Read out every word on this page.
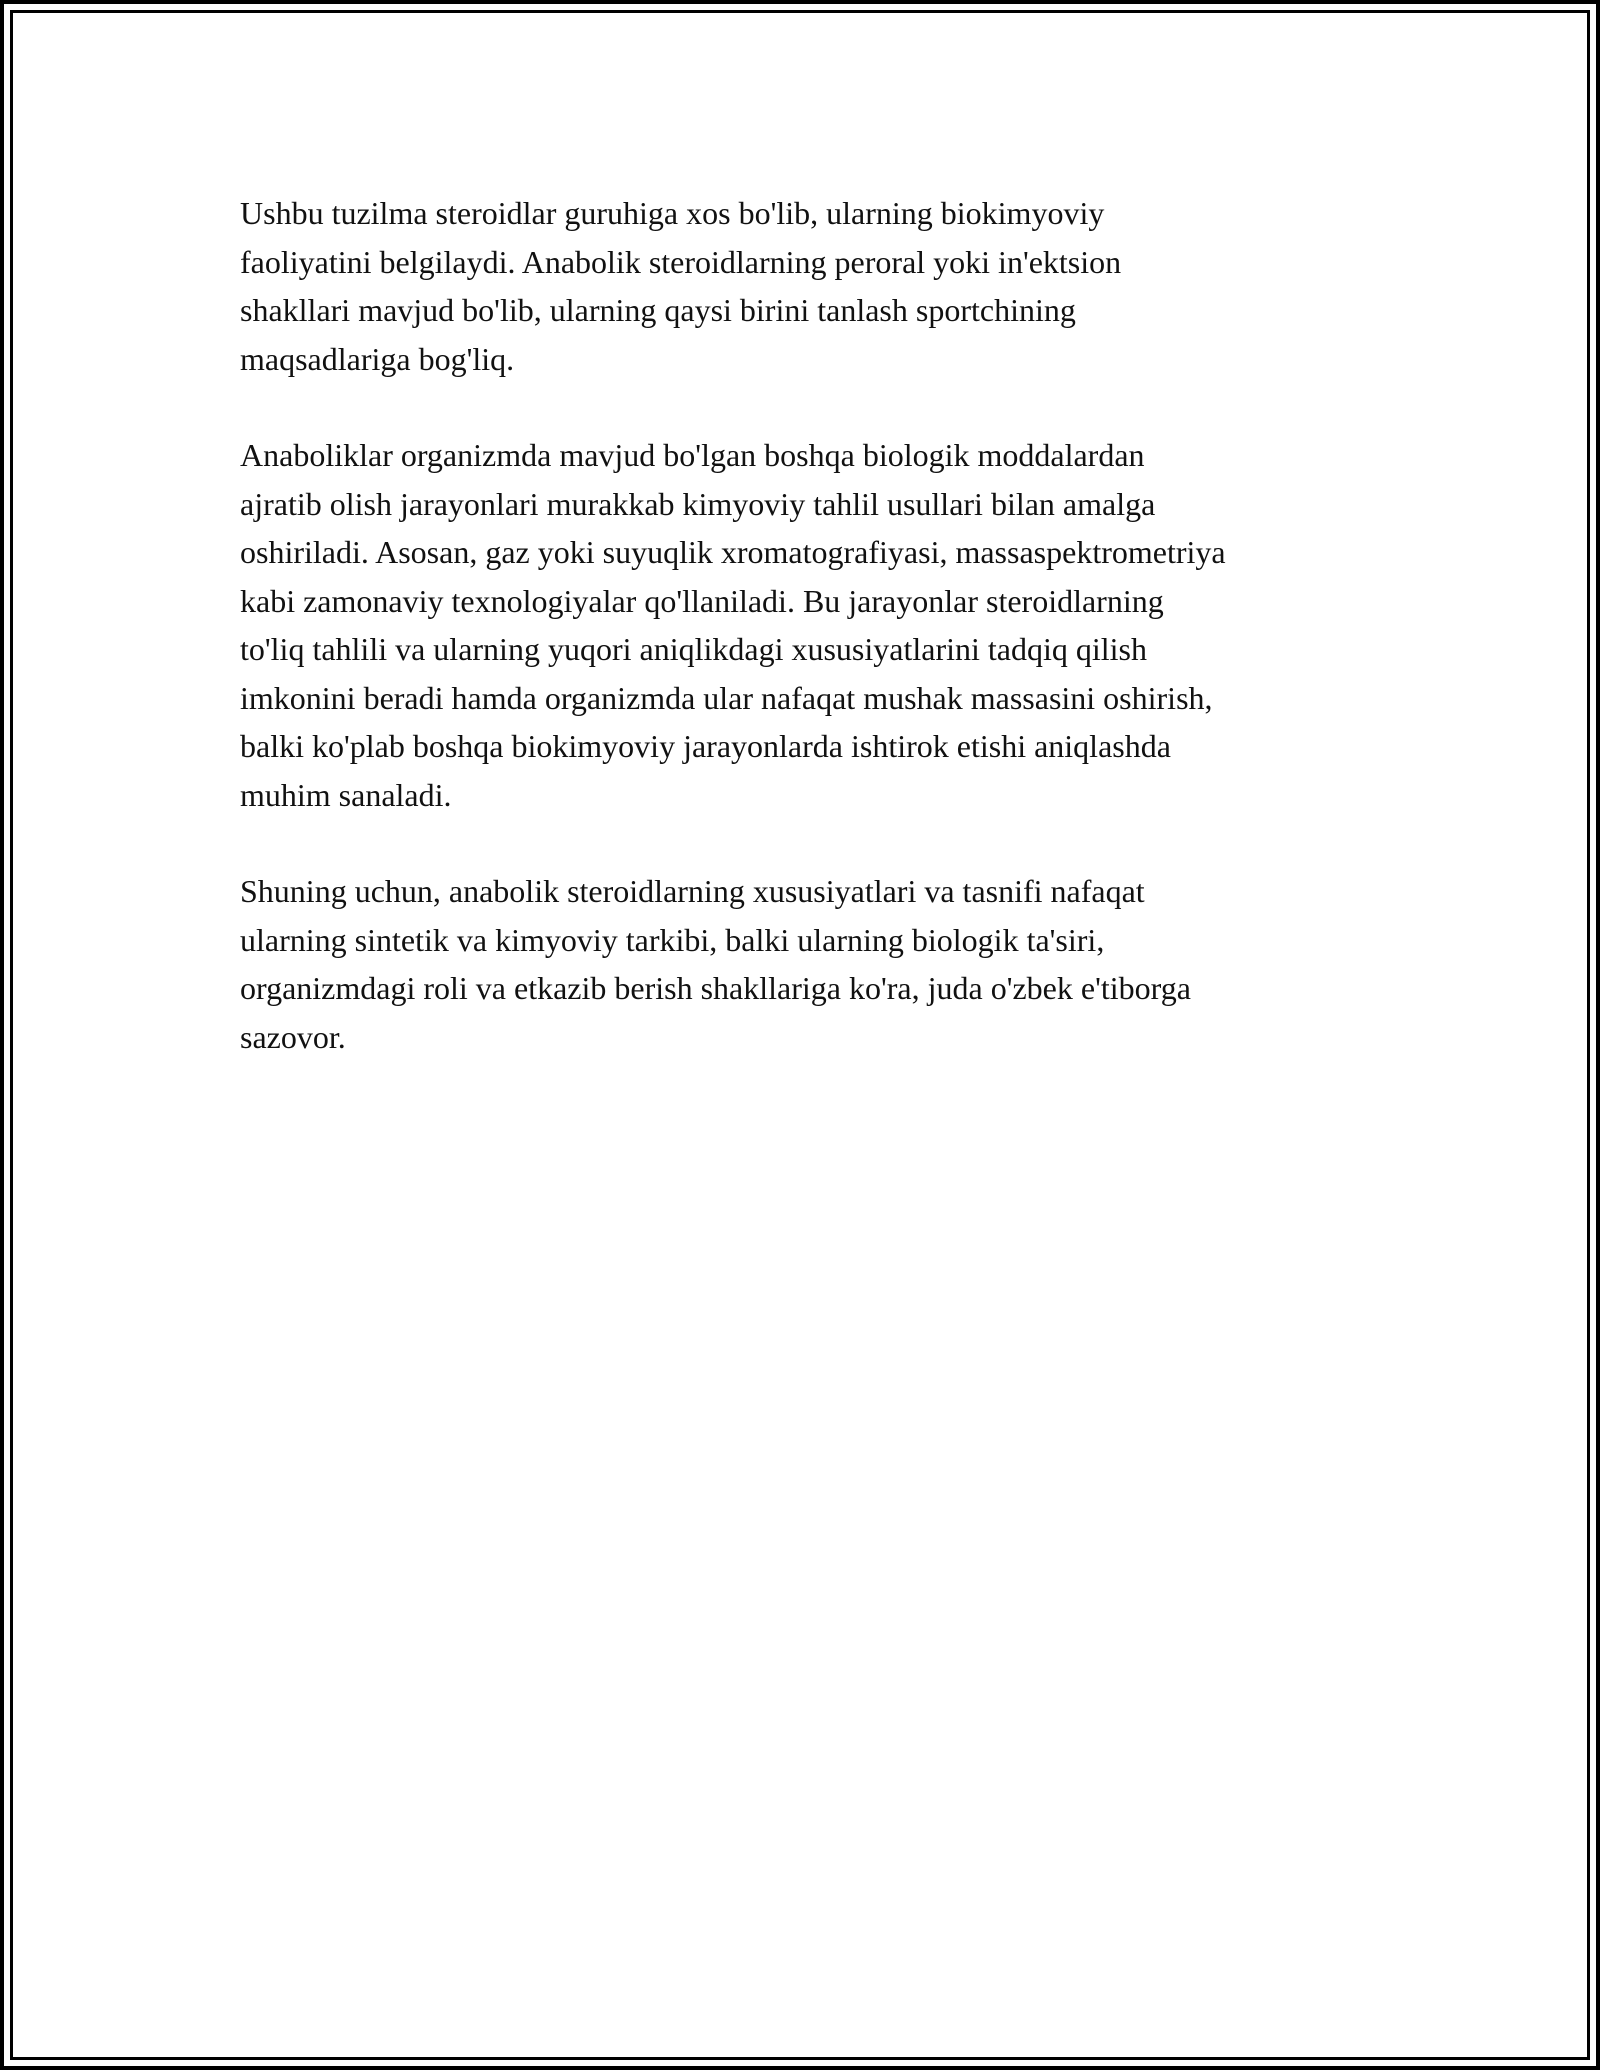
Ushbu tuzilma steroidlar guruhiga xos bo'lib, ularning biokimyoviy
faoliyatini belgilaydi. Anabolik steroidlarning peroral yoki in'ektsion
shakllari mavjud bo'lib, ularning qaysi birini tanlash sportchining
maqsadlariga bog'liq.

Anaboliklar organizmda mavjud bo'lgan boshqa biologik moddalardan
ajratib olish jarayonlari murakkab kimyoviy tahlil usullari bilan amalga
oshiriladi. Asosan, gaz yoki suyuqlik xromatografiyasi, massaspektrometriya
kabi zamonaviy texnologiyalar qo'llaniladi. Bu jarayonlar steroidlarning
to'liq tahlili va ularning yuqori aniqlikdagi xususiyatlarini tadqiq qilish
imkonini beradi hamda organizmda ular nafaqat mushak massasini oshirish,
balki ko'plab boshqa biokimyoviy jarayonlarda ishtirok etishi aniqlashda
muhim sanaladi.

Shuning uchun, anabolik steroidlarning xususiyatlari va tasnifi nafaqat
ularning sintetik va kimyoviy tarkibi, balki ularning biologik ta'siri,
organizmdagi roli va etkazib berish shakllariga ko'ra, juda o'zbek e'tiborga
sazovor.
